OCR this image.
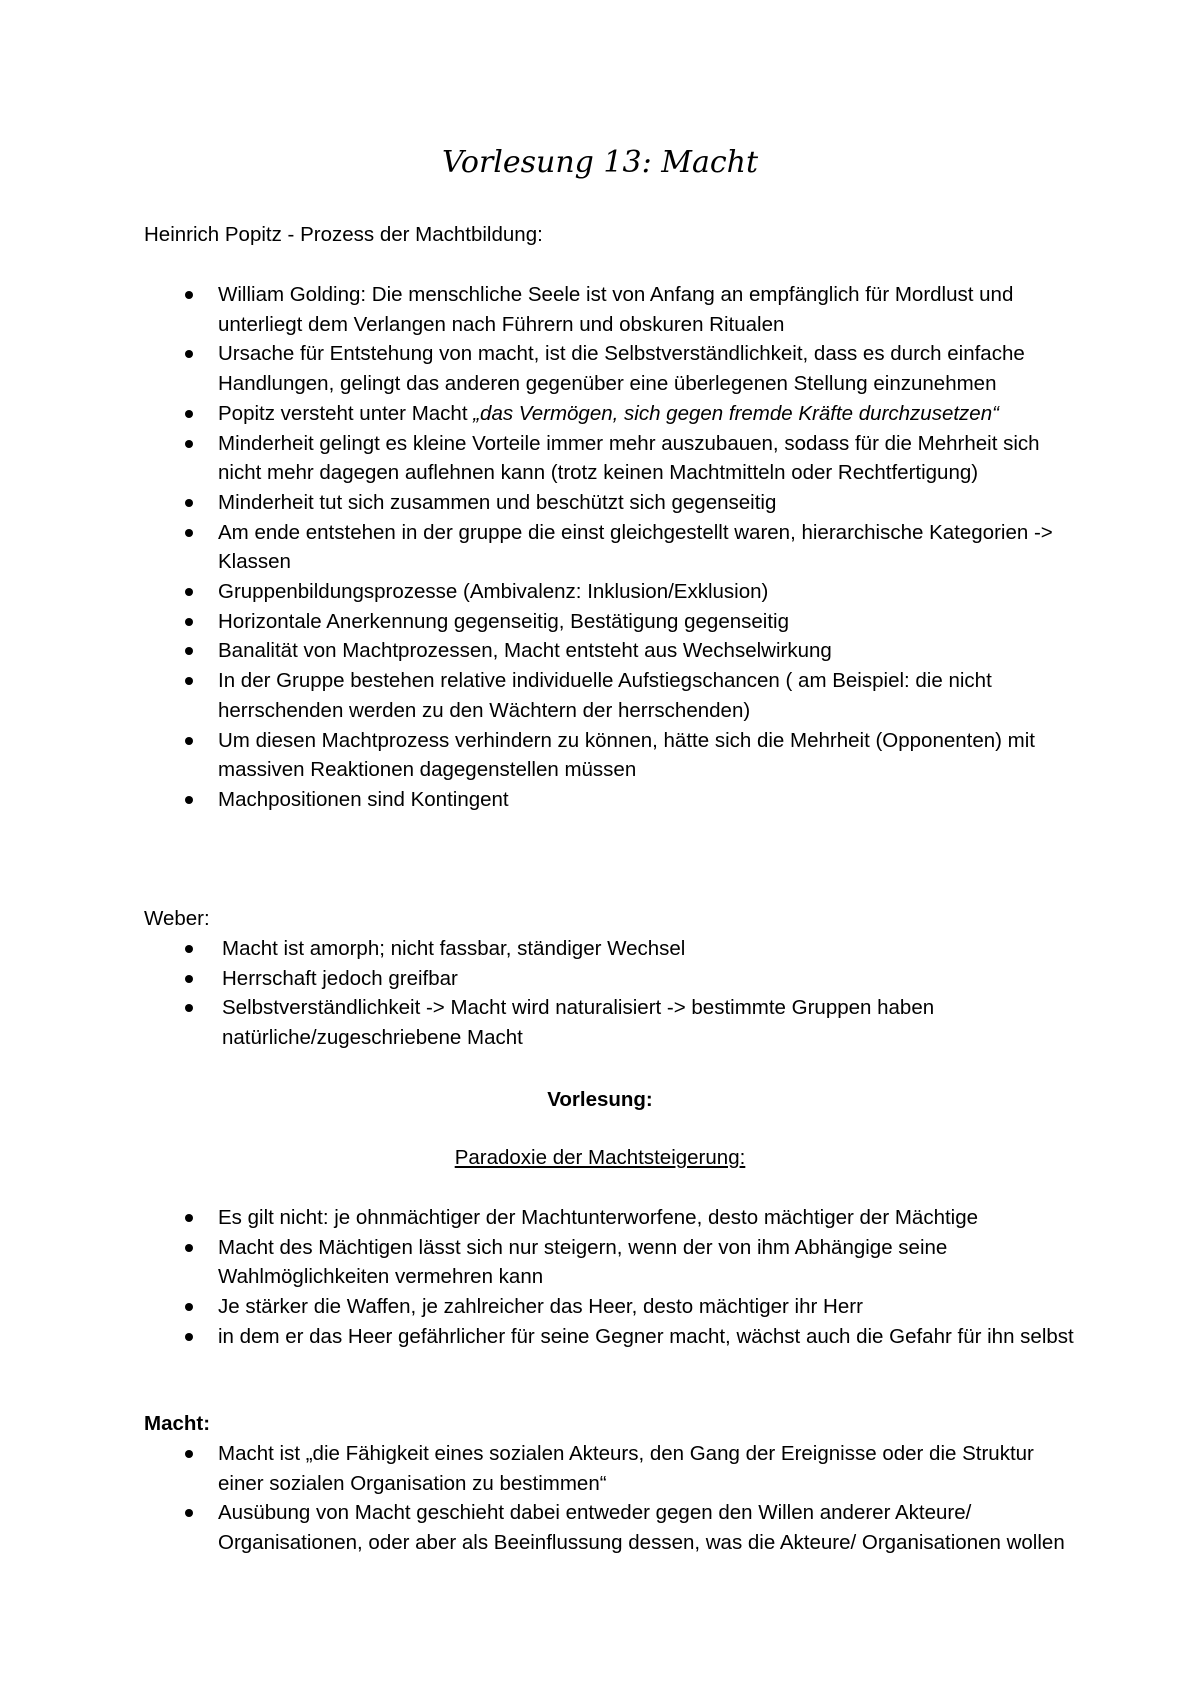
Vorlesung 13: Macht

Heinrich Popitz - Prozess der Machtbildung:

William Golding: Die menschliche Seele ist von Anfang an empfänglich für Mordlust und unterliegt dem Verlangen nach Führern und obskuren Ritualen
Ursache für Entstehung von macht, ist die Selbstverständlichkeit, dass es durch einfache Handlungen, gelingt das anderen gegenüber eine überlegenen Stellung einzunehmen
Popitz versteht unter Macht „das Vermögen, sich gegen fremde Kräfte durchzusetzen“
Minderheit gelingt es kleine Vorteile immer mehr auszubauen, sodass für die Mehrheit sich nicht mehr dagegen auflehnen kann (trotz keinen Machtmitteln oder Rechtfertigung)
Minderheit tut sich zusammen und beschützt sich gegenseitig
Am ende entstehen in der gruppe die einst gleichgestellt waren, hierarchische Kategorien -> Klassen
Gruppenbildungsprozesse (Ambivalenz: Inklusion/Exklusion)
Horizontale Anerkennung gegenseitig, Bestätigung gegenseitig
Banalität von Machtprozessen, Macht entsteht aus Wechselwirkung
In der Gruppe bestehen relative individuelle Aufstiegschancen ( am Beispiel: die nicht herrschenden werden zu den Wächtern der herrschenden)
Um diesen Machtprozess verhindern zu können, hätte sich die Mehrheit (Opponenten) mit massiven Reaktionen dagegenstellen müssen
Machpositionen sind Kontingent

Weber:

Macht ist amorph; nicht fassbar, ständiger Wechsel
Herrschaft jedoch greifbar
Selbstverständlichkeit -> Macht wird naturalisiert -> bestimmte Gruppen haben natürliche/zugeschriebene Macht

Vorlesung:

Paradoxie der Machtsteigerung:

Es gilt nicht: je ohnmächtiger der Machtunterworfene, desto mächtiger der Mächtige
Macht des Mächtigen lässt sich nur steigern, wenn der von ihm Abhängige seine Wahlmöglichkeiten vermehren kann
Je stärker die Waffen, je zahlreicher das Heer, desto mächtiger ihr Herr
in dem er das Heer gefährlicher für seine Gegner macht, wächst auch die Gefahr für ihn selbst

Macht:

Macht ist „die Fähigkeit eines sozialen Akteurs, den Gang der Ereignisse oder die Struktur einer sozialen Organisation zu bestimmen“
Ausübung von Macht geschieht dabei entweder gegen den Willen anderer Akteure/ Organisationen, oder aber als Beeinflussung dessen, was die Akteure/ Organisationen wollen
